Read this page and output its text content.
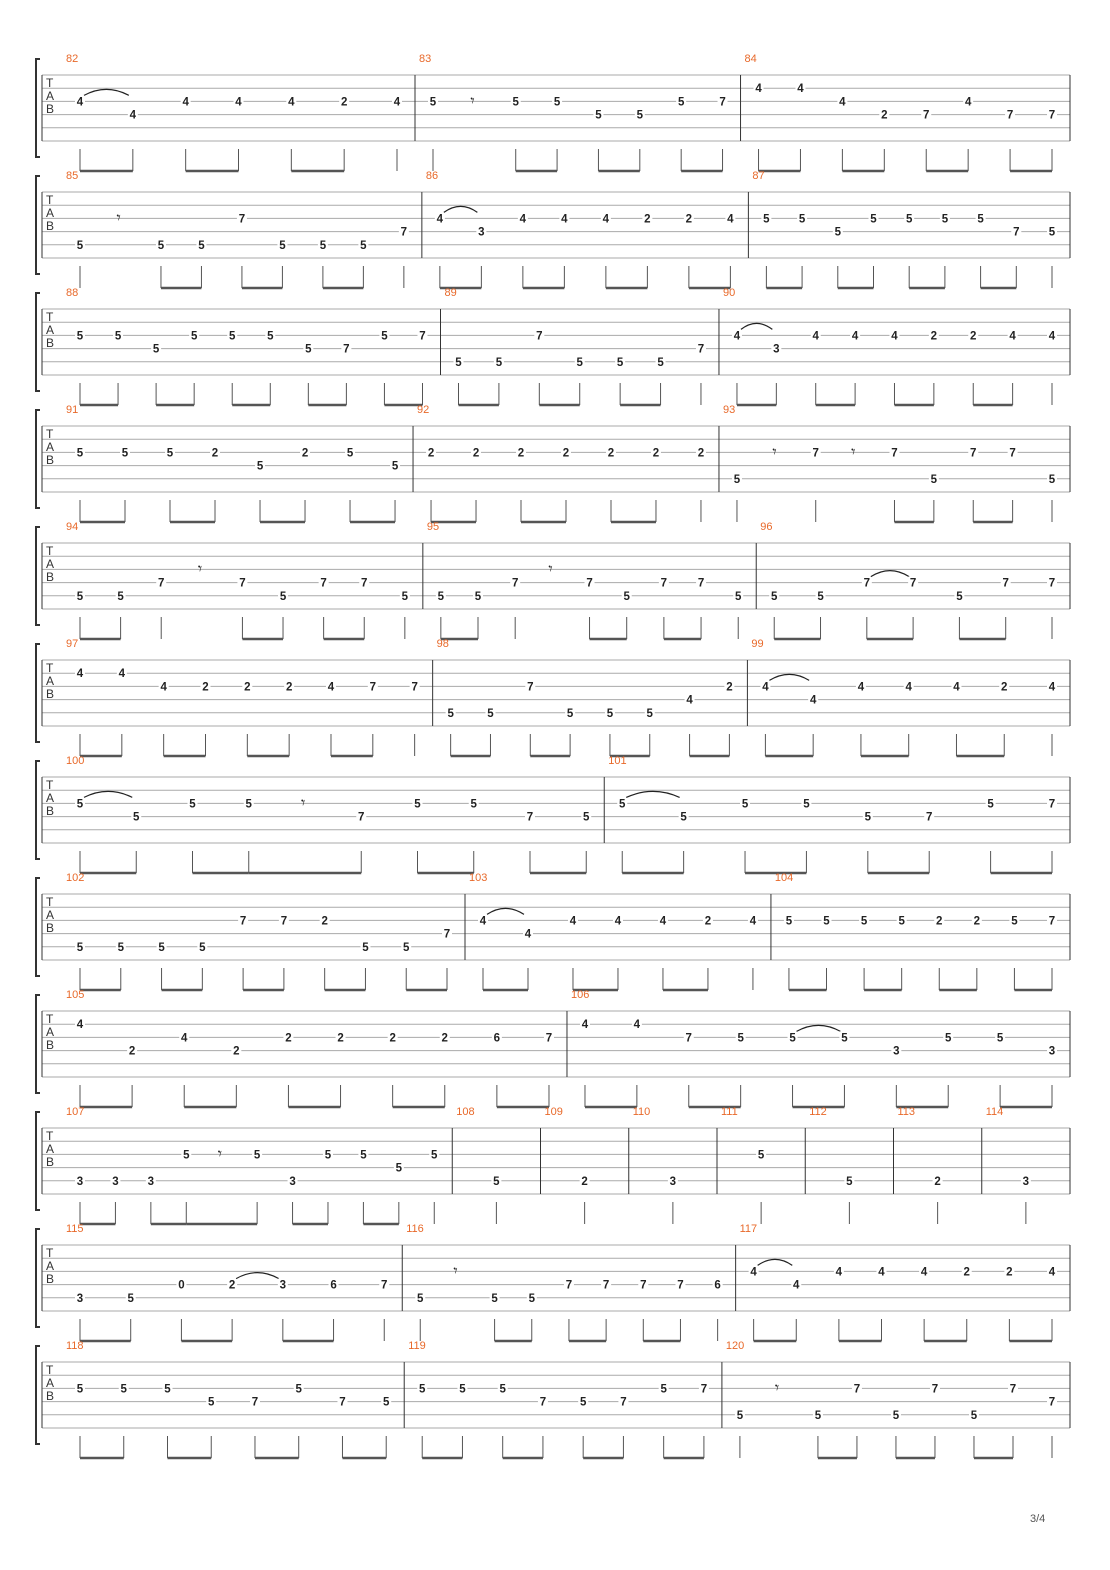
T
A
B
82
4
4
4	4	4	2	4
83
5 𝄾	5	5
5	5
5	7
84
4	4
4
2	7
4
7	7
T
A
B
85
5
𝄾
5	5
7
5	5	5
7
86
4
3
4	4	4	2	2	4
87
5	5
5
5	5	5	5
7	5
T
A
B
88
5	5
5
5	5	5
5	7
5	7
89
5	5
7
5	5	5
7
90
4
3
4	4	4	2	2	4	4
T
A
B
91
5	5	5	2
5
2	5
5
92
2	2	2	2	2	2	2
93
5
𝄾	7 𝄾	7
5
7	7
5
T
A
B
94
5	5
7
𝄾
7
5
7	7
5
95
5	5
7
𝄾
7
5
7	7
5
96
5	5
7	7
5
7	7
T
A
B
97
4	4
4	2	2	2	4	7	7
98
5	5
7
5	5	5
4
2
99
4
4
4	4	4	2	4
T
A
B
100
5
5
5	5	𝄾
7
5	5
7	5
101
5
5
5	5
5	7
5	7
T
A
B
102
5	5	5	5
7	7	2
5	5
7
103
4
4
4	4	4	2	4
104
5	5	5	5	2	2	5	7
T
A
B
105
4
2
4
2
2	2	2	2	6	7
106
4	4
7	5	5	5
3
5	5
3
T
A
B
107
3	3	3
5 𝄾	5
3
5	5
5
5
108
5
109
2
110
3
111
5
112
5
113
2
114
3
T
A
B
115
3	5
0	2	3	6	7
116
5
𝄾
5	5
7	7	7	7	6
117
4
4
4	4	4	2	2	4
T
A
B
118
5	5	5
5	7
5
7	5
119
5	5	5
7	5	7
5	7
120
5
𝄾
5
7
5
7
5
7
7
3/4
